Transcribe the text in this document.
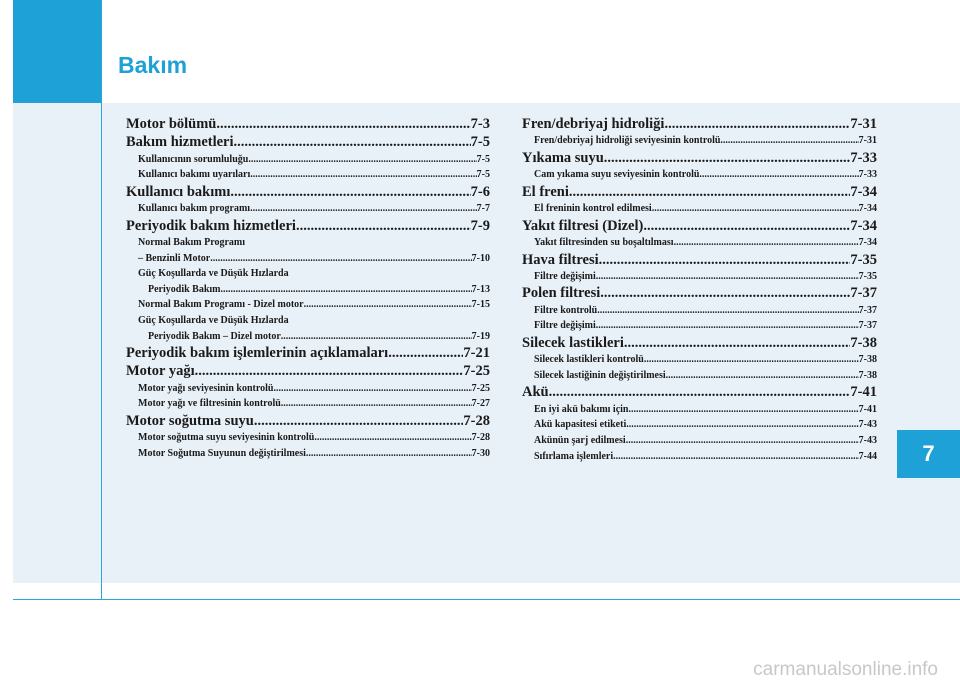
Bakım
7
Motor bölümü .....	7-3
Bakım hizmetleri .....	7-5
Kullanıcının sorumluluğu .....	7-5
Kullanıcı bakımı uyarıları .....	7-5
Kullanıcı bakımı .....	7-6
Kullanıcı bakım programı .....	7-7
Periyodik bakım hizmetleri .....	7-9
Normal Bakım Programı
– Benzinli Motor .....	7-10
Güç Koşullarda ve Düşük Hızlarda
Periyodik Bakım .....	7-13
Normal Bakım Programı - Dizel motor .....	7-15
Güç Koşullarda ve Düşük Hızlarda
Periyodik Bakım – Dizel motor .....	7-19
Periyodik bakım işlemlerinin açıklamaları .....	7-21
Motor yağı .....	7-25
Motor yağı seviyesinin kontrolü .....	7-25
Motor yağı ve filtresinin kontrolü .....	7-27
Motor soğutma suyu .....	7-28
Motor soğutma suyu seviyesinin kontrolü .....	7-28
Motor Soğutma Suyunun değiştirilmesi .....	7-30
Fren/debriyaj hidroliği .....	7-31
Fren/debriyaj hidroliği seviyesinin kontrolü .....	7-31
Yıkama suyu .....	7-33
Cam yıkama suyu seviyesinin kontrolü .....	7-33
El freni .....	7-34
El freninin kontrol edilmesi .....	7-34
Yakıt filtresi (Dizel) .....	7-34
Yakıt filtresinden su boşaltılması .....	7-34
Hava filtresi .....	7-35
Filtre değişimi .....	7-35
Polen filtresi .....	7-37
Filtre kontrolü .....	7-37
Filtre değişimi .....	7-37
Silecek lastikleri .....	7-38
Silecek lastikleri kontrolü .....	7-38
Silecek lastiğinin değiştirilmesi .....	7-38
Akü .....	7-41
En iyi akü bakımı için .....	7-41
Akü kapasitesi etiketi .....	7-43
Akünün şarj edilmesi .....	7-43
Sıfırlama işlemleri .....	7-44
carmanualsonline.info
